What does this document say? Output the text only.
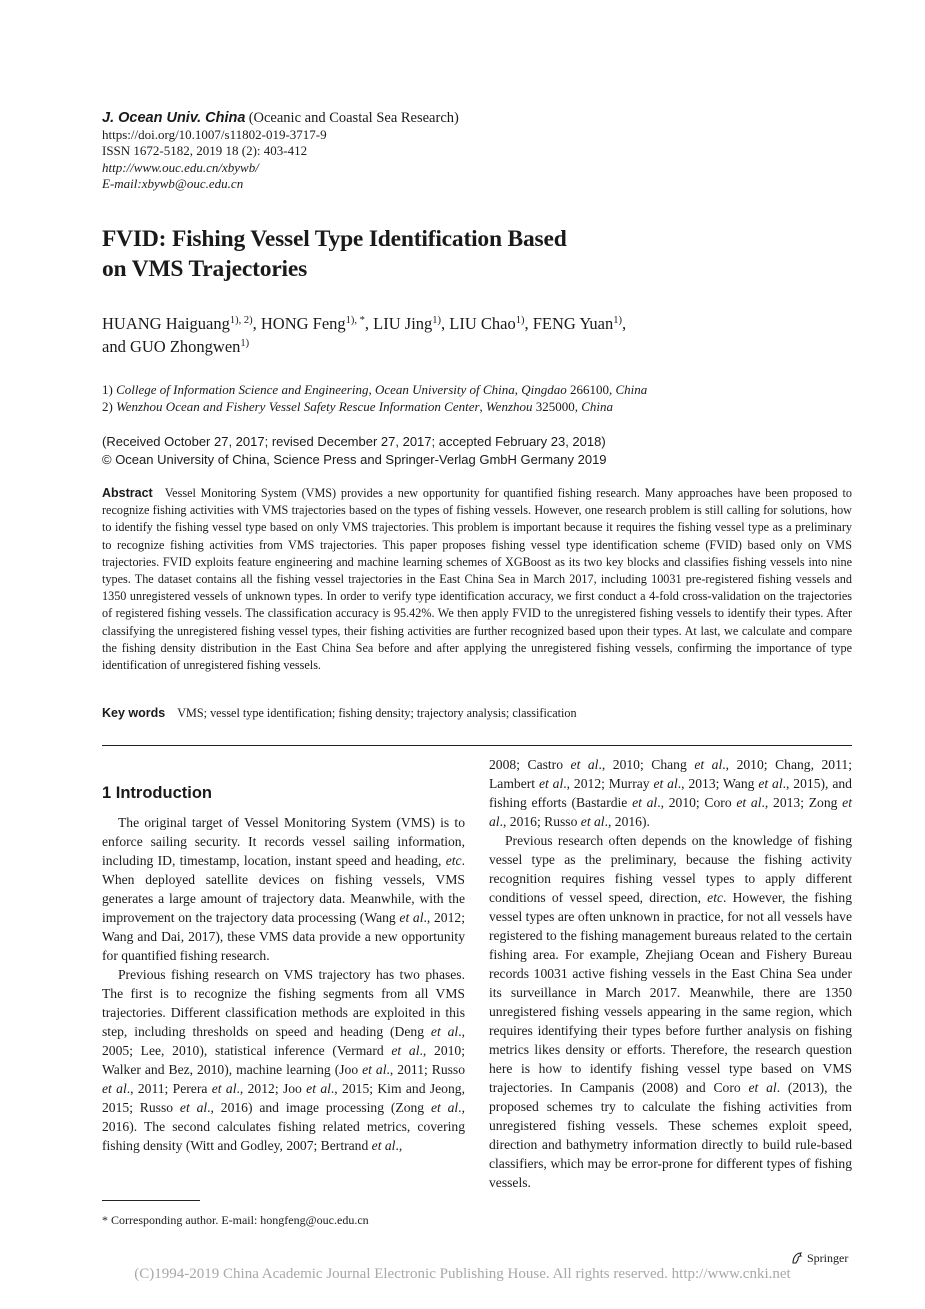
J. Ocean Univ. China (Oceanic and Coastal Sea Research)
https://doi.org/10.1007/s11802-019-3717-9
ISSN 1672-5182, 2019 18 (2): 403-412
http://www.ouc.edu.cn/xbywb/
E-mail:xbywb@ouc.edu.cn
FVID: Fishing Vessel Type Identification Based
on VMS Trajectories
HUANG Haiguang$^{1), 2)}$, HONG Feng$^{1), *}$, LIU Jing$^{1)}$, LIU Chao$^{1)}$, FENG Yuan$^{1)}$,
and GUO Zhongwen$^{1)}$
1) College of Information Science and Engineering, Ocean University of China, Qingdao 266100, China
2) Wenzhou Ocean and Fishery Vessel Safety Rescue Information Center, Wenzhou 325000, China
(Received October 27, 2017; revised December 27, 2017; accepted February 23, 2018)
© Ocean University of China, Science Press and Springer-Verlag GmbH Germany 2019
Abstract Vessel Monitoring System (VMS) provides a new opportunity for quantified fishing research. Many approaches have been proposed to recognize fishing activities with VMS trajectories based on the types of fishing vessels. However, one research problem is still calling for solutions, how to identify the fishing vessel type based on only VMS trajectories. This problem is important because it requires the fishing vessel type as a preliminary to recognize fishing activities from VMS trajectories. This paper proposes fishing vessel type identification scheme (FVID) based only on VMS trajectories. FVID exploits feature engineering and machine learning schemes of XGBoost as its two key blocks and classifies fishing vessels into nine types. The dataset contains all the fishing vessel trajectories in the East China Sea in March 2017, including 10031 pre-registered fishing vessels and 1350 unregistered vessels of unknown types. In order to verify type identification accuracy, we first conduct a 4-fold cross-validation on the trajectories of registered fishing vessels. The classification accuracy is 95.42%. We then apply FVID to the unregistered fishing vessels to identify their types. After classifying the unregistered fishing vessel types, their fishing activities are further recognized based upon their types. At last, we calculate and compare the fishing density distribution in the East China Sea before and after applying the unregistered fishing vessels, confirming the importance of type identification of unregistered fishing vessels.
Key words VMS; vessel type identification; fishing density; trajectory analysis; classification
1 Introduction

The original target of Vessel Monitoring System (VMS) is to enforce sailing security. It records vessel sailing information, including ID, timestamp, location, instant speed and heading, etc. When deployed satellite devices on fishing vessels, VMS generates a large amount of trajectory data. Meanwhile, with the improvement on the trajectory data processing (Wang et al., 2012; Wang and Dai, 2017), these VMS data provide a new opportunity for quantified fishing research.

Previous fishing research on VMS trajectory has two phases. The first is to recognize the fishing segments from all VMS trajectories. Different classification methods are exploited in this step, including thresholds on speed and heading (Deng et al., 2005; Lee, 2010), statistical inference (Vermard et al., 2010; Walker and Bez, 2010), machine learning (Joo et al., 2011; Russo et al., 2011; Perera et al., 2012; Joo et al., 2015; Kim and Jeong, 2015; Russo et al., 2016) and image processing (Zong et al., 2016). The second calculates fishing related metrics, covering fishing density (Witt and Godley, 2007; Bertrand et al.,

2008; Castro et al., 2010; Chang et al., 2010; Chang, 2011; Lambert et al., 2012; Murray et al., 2013; Wang et al., 2015), and fishing efforts (Bastardie et al., 2010; Coro et al., 2013; Zong et al., 2016; Russo et al., 2016).

Previous research often depends on the knowledge of fishing vessel type as the preliminary, because the fishing activity recognition requires fishing vessel types to apply different conditions of vessel speed, direction, etc. However, the fishing vessel types are often unknown in practice, for not all vessels have registered to the fishing management bureaus related to the certain fishing area. For example, Zhejiang Ocean and Fishery Bureau records 10031 active fishing vessels in the East China Sea under its surveillance in March 2017. Meanwhile, there are 1350 unregistered fishing vessels appearing in the same region, which requires identifying their types before further analysis on fishing metrics likes density or efforts. Therefore, the research question here is how to identify fishing vessel type based on VMS trajectories. In Campanis (2008) and Coro et al. (2013), the proposed schemes try to calculate the fishing activities from unregistered fishing vessels. These schemes exploit speed, direction and bathymetry information directly to build rule-based classifiers, which may be error-prone for different types of fishing vessels.

* Corresponding author. E-mail: hongfeng@ouc.edu.cn
Springer
(C)1994-2019 China Academic Journal Electronic Publishing House. All rights reserved. http://www.cnki.net
